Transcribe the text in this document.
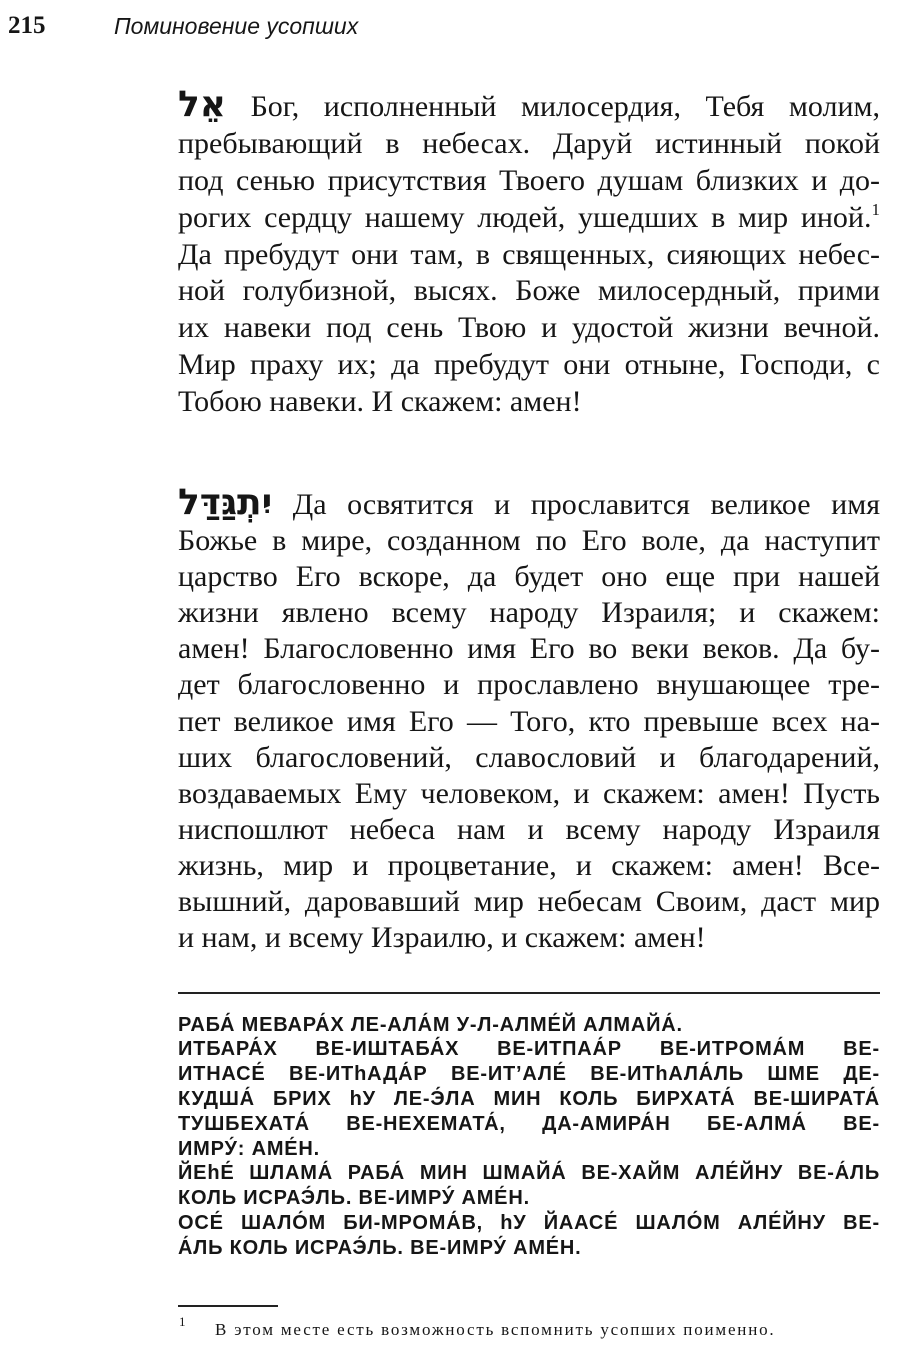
215	Поминовение усопших
אֵל Бог, исполненный милосердия, Тебя молим,
пребывающий в небесах. Даруй истинный покой
под сенью присутствия Твоего душам близких и до-
рогих сердцу нашему людей, ушедших в мир иной.$^1$
Да пребудут они там, в священных, сияющих небес-
ной голубизной, высях. Боже милосердный, прими
их навеки под сень Твою и удостой жизни вечной.
Мир праху их; да пребудут они отныне, Господи, с
Тобою навеки. И скажем: амен!
יִתְגַּדַּל Да освятится и прославится великое имя
Божье в мире, созданном по Его воле, да наступит
царство Его вскоре, да будет оно еще при нашей
жизни явлено всему народу Израиля; и скажем:
амен! Благословенно имя Его во веки веков. Да бу-
дет благословенно и прославлено внушающее тре-
пет великое имя Его — Того, кто превыше всех на-
ших благословений, славословий и благодарений,
воздаваемых Ему человеком, и скажем: амен! Пусть
ниспошлют небеса нам и всему народу Израиля
жизнь, мир и процветание, и скажем: амен! Все-
вышний, даровавший мир небесам Своим, даст мир
и нам, и всему Израилю, и скажем: амен!
РАБА́ МЕВАРА́Х ЛЕ-АЛА́М У-Л-АЛМЕ́Й АЛМАЙА́.
ИТБАРА́Х ВЕ-ИШТАБА́Х ВЕ-ИТПАА́Р ВЕ-ИТРОМА́М ВЕ-
ИТНАСЕ́ ВЕ-ИТhАДА́Р ВЕ-ИТ’АЛЕ́ ВЕ-ИТhАЛА́ЛЬ ШМЕ ДЕ-
КУДША́ БРИХ hУ ЛЕ-Э́ЛА МИН КОЛЬ БИРХАТА́ ВЕ-ШИРАТА́
ТУШБЕХАТА́ ВЕ-НЕХЕМАТА́, ДА-АМИРА́Н БЕ-АЛМА́ ВЕ-
ИМРУ́: АМЕ́Н.
ЙЕhЕ́ ШЛАМА́ РАБА́ МИН ШМАЙА́ ВЕ-ХАЙМ АЛЕ́ЙНУ ВЕ-А́ЛЬ
КОЛЬ ИСРАЭ́ЛЬ. ВЕ-ИМРУ́ АМЕ́Н.
ОСЕ́ ШАЛО́М БИ-МРОМА́В, hУ ЙААСЕ́ ШАЛО́М АЛЕ́ЙНУ ВЕ-
А́ЛЬ КОЛЬ ИСРАЭ́ЛЬ. ВЕ-ИМРУ́ АМЕ́Н.
1 В этом месте есть возможность вспомнить усопших поименно.
